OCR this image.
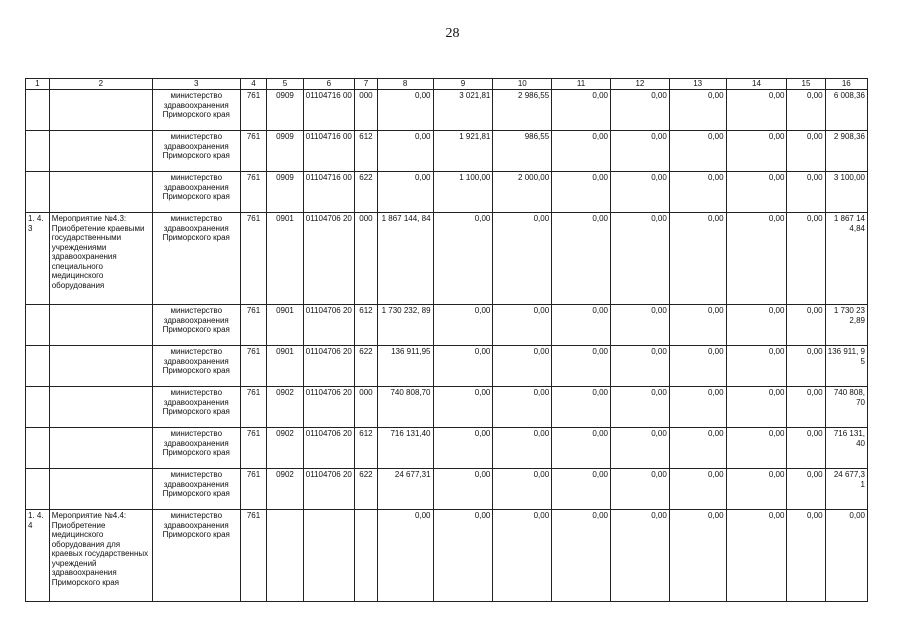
28
1	2	3	4	5	6	7	8	9	10	11	12	13	14	15	16
		министерство здравоохранения Приморского края	761	0909	01104716 00	000	0,00	3 021,81	2 986,55	0,00	0,00	0,00	0,00	0,00	6 008,36
		министерство здравоохранения Приморского края	761	0909	01104716 00	612	0,00	1 921,81	986,55	0,00	0,00	0,00	0,00	0,00	2 908,36
		министерство здравоохранения Приморского края	761	0909	01104716 00	622	0,00	1 100,00	2 000,00	0,00	0,00	0,00	0,00	0,00	3 100,00
1. 4. 3	Мероприятие №4.3: Приобретение краевыми государственными учреждениями здравоохранения специального медицинского оборудования	министерство здравоохранения Приморского края	761	0901	01104706 20	000	1 867 144, 84	0,00	0,00	0,00	0,00	0,00	0,00	0,00	1 867 14 4,84
		министерство здравоохранения Приморского края	761	0901	01104706 20	612	1 730 232, 89	0,00	0,00	0,00	0,00	0,00	0,00	0,00	1 730 23 2,89
		министерство здравоохранения Приморского края	761	0901	01104706 20	622	136 911,95	0,00	0,00	0,00	0,00	0,00	0,00	0,00	136 911, 95
		министерство здравоохранения Приморского края	761	0902	01104706 20	000	740 808,70	0,00	0,00	0,00	0,00	0,00	0,00	0,00	740 808, 70
		министерство здравоохранения Приморского края	761	0902	01104706 20	612	716 131,40	0,00	0,00	0,00	0,00	0,00	0,00	0,00	716 131, 40
		министерство здравоохранения Приморского края	761	0902	01104706 20	622	24 677,31	0,00	0,00	0,00	0,00	0,00	0,00	0,00	24 677,3 1
1. 4. 4	Мероприятие №4.4: Приобретение медицинского оборудования для краевых государственных учреждений здравоохранения Приморского края	министерство здравоохранения Приморского края	761				0,00	0,00	0,00	0,00	0,00	0,00	0,00	0,00	0,00
